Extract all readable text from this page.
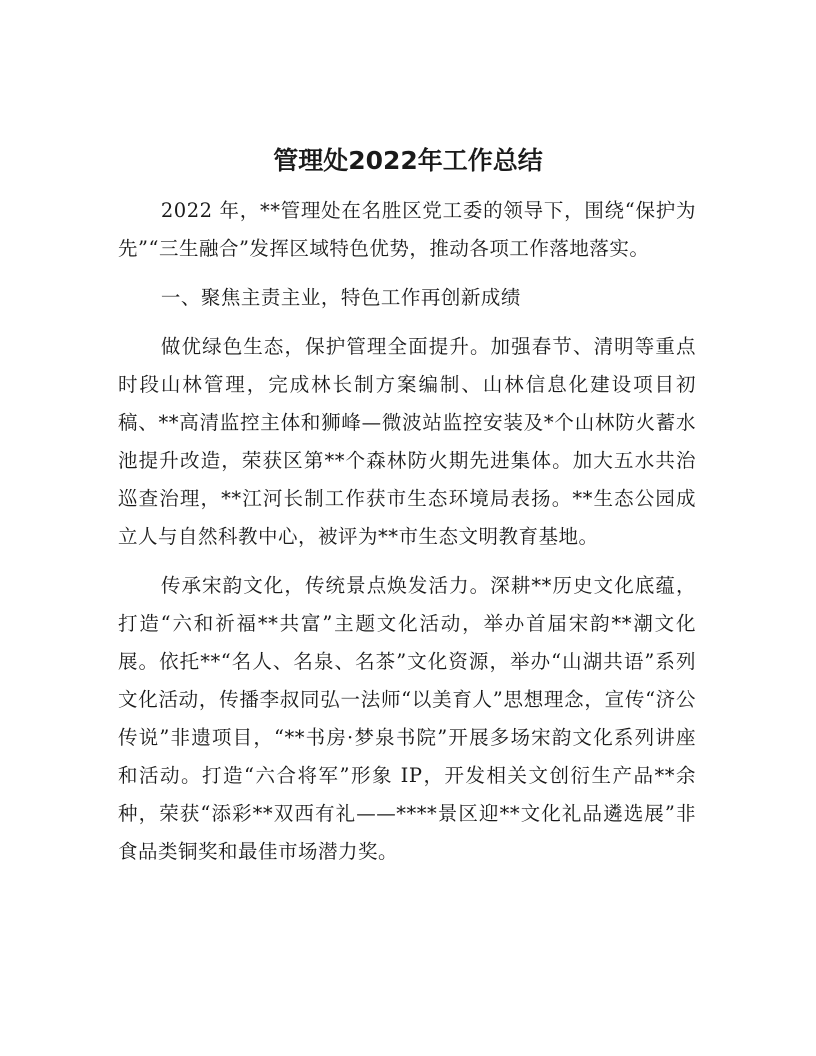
管理处2022年工作总结

2022 年，**管理处在名胜区党工委的领导下，围绕“保护为先”“三生融合”发挥区域特色优势，推动各项工作落地落实。

一、聚焦主责主业，特色工作再创新成绩

做优绿色生态，保护管理全面提升。加强春节、清明等重点时段山林管理，完成林长制方案编制、山林信息化建设项目初稿、**高清监控主体和狮峰—微波站监控安装及*个山林防火蓄水池提升改造，荣获区第**个森林防火期先进集体。加大五水共治巡查治理，**江河长制工作获市生态环境局表扬。**生态公园成立人与自然科教中心，被评为**市生态文明教育基地。

传承宋韵文化，传统景点焕发活力。深耕**历史文化底蕴，打造“六和祈福**共富”主题文化活动，举办首届宋韵**潮文化展。依托**“名人、名泉、名茶”文化资源，举办“山湖共语”系列文化活动，传播李叔同弘一法师“以美育人”思想理念，宣传“济公传说”非遗项目，“**书房·梦泉书院”开展多场宋韵文化系列讲座和活动。打造“六合将军”形象 IP，开发相关文创衍生产品**余种，荣获“添彩**双西有礼——****景区迎**文化礼品遴选展”非食品类铜奖和最佳市场潜力奖。
